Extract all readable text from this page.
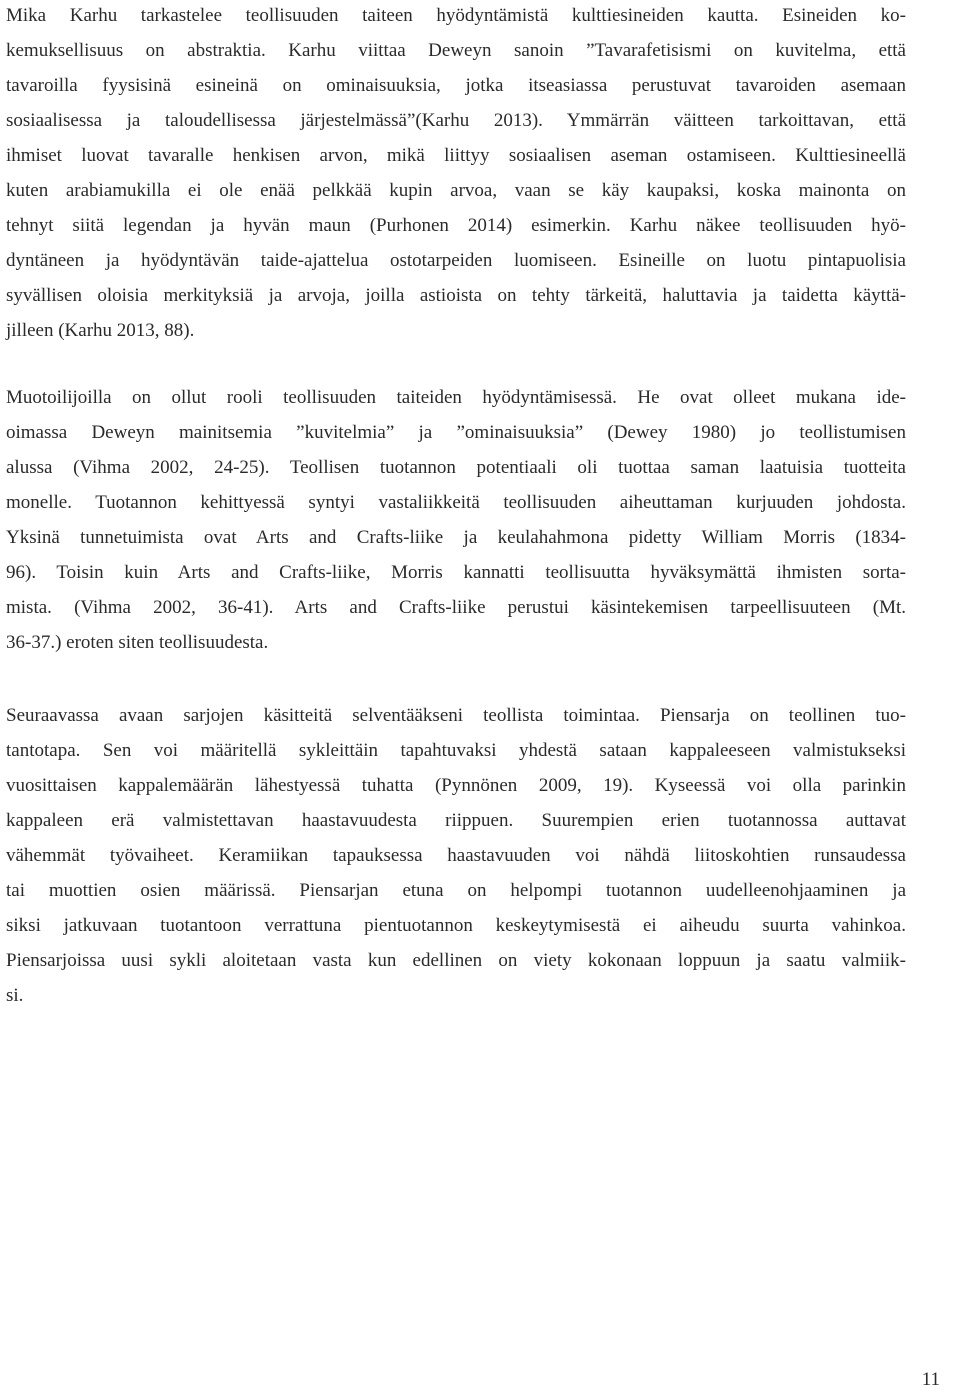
Mika Karhu tarkastelee teollisuuden taiteen hyödyntämistä kulttiesineiden kautta. Esineiden ko-
kemuksellisuus on abstraktia. Karhu viittaa Deweyn sanoin ”Tavarafetisismi on kuvitelma, että
tavaroilla fyysisinä esineinä on ominaisuuksia, jotka itseasiassa perustuvat tavaroiden asemaan
sosiaalisessa ja taloudellisessa järjestelmässä”(Karhu 2013). Ymmärrän väitteen tarkoittavan, että
ihmiset luovat tavaralle henkisen arvon, mikä liittyy sosiaalisen aseman ostamiseen. Kulttiesineellä
kuten arabiamukilla ei ole enää pelkkää kupin arvoa, vaan se käy kaupaksi, koska mainonta on
tehnyt siitä legendan ja hyvän maun (Purhonen 2014) esimerkin. Karhu näkee teollisuuden hyö-
dyntäneen ja hyödyntävän taide-ajattelua ostotarpeiden luomiseen. Esineille on luotu pintapuolisia
syvällisen oloisia merkityksiä ja arvoja, joilla astioista on tehty tärkeitä, haluttavia ja taidetta käyttä-
jilleen (Karhu 2013, 88).
Muotoilijoilla on ollut rooli teollisuuden taiteiden hyödyntämisessä. He ovat olleet mukana ide-
oimassa Deweyn mainitsemia ”kuvitelmia” ja ”ominaisuuksia” (Dewey 1980) jo teollistumisen
alussa (Vihma 2002, 24-25). Teollisen tuotannon potentiaali oli tuottaa saman laatuisia tuotteita
monelle. Tuotannon kehittyessä syntyi vastaliikkeitä teollisuuden aiheuttaman kurjuuden johdosta.
Yksinä tunnetuimista ovat Arts and Crafts-liike ja keulahahmona pidetty William Morris (1834-
96). Toisin kuin Arts and Crafts-liike, Morris kannatti teollisuutta hyväksymättä ihmisten sorta-
mista. (Vihma 2002, 36-41). Arts and Crafts-liike perustui käsintekemisen tarpeellisuuteen (Mt.
36-37.) eroten siten teollisuudesta.
Seuraavassa avaan sarjojen käsitteitä selventääkseni teollista toimintaa. Piensarja on teollinen tuo-
tantotapa. Sen voi määritellä sykleittäin tapahtuvaksi yhdestä sataan kappaleeseen valmistukseksi
vuosittaisen kappalemäärän lähestyessä tuhatta (Pynnönen 2009, 19). Kyseessä voi olla parinkin
kappaleen erä valmistettavan haastavuudesta riippuen. Suurempien erien tuotannossa auttavat
vähemmät työvaiheet. Keramiikan tapauksessa haastavuuden voi nähdä liitoskohtien runsaudessa
tai muottien osien määrissä. Piensarjan etuna on helpompi tuotannon uudelleenohjaaminen ja
siksi jatkuvaan tuotantoon verrattuna pientuotannon keskeytymisestä ei aiheudu suurta vahinkoa.
Piensarjoissa uusi sykli aloitetaan vasta kun edellinen on viety kokonaan loppuun ja saatu valmiik-
si.
11
